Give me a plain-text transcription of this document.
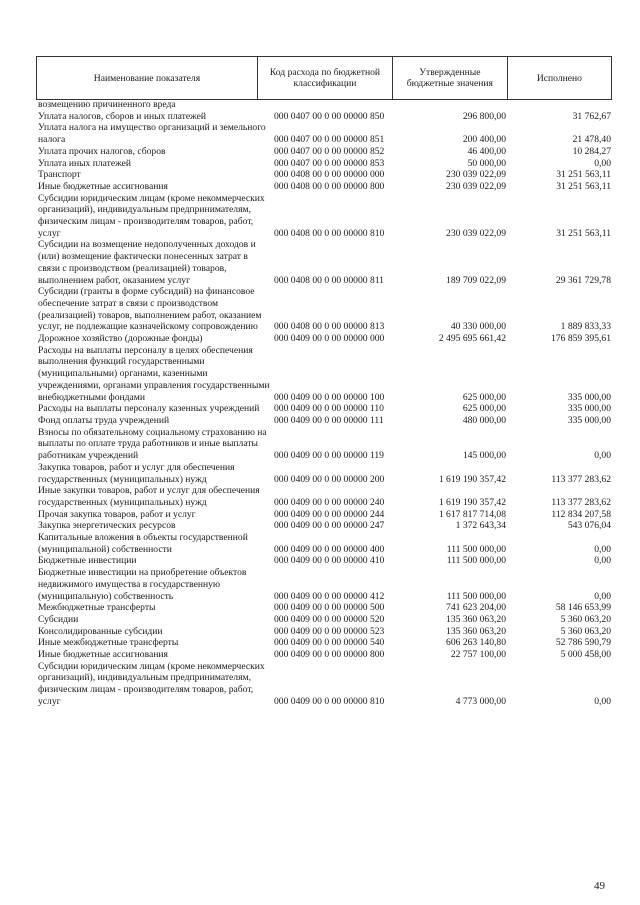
Наименование показателя	Код расхода по бюджетной классификации	Утвержденные бюджетные значения	Исполнено
возмещению причиненного вреда
Уплата налогов, сборов и иных платежей	000 0407 00 0 00 00000 850	296 800,00	31 762,67
Уплата налога на имущество организаций и земельного налога	000 0407 00 0 00 00000 851	200 400,00	21 478,40
Уплата прочих налогов, сборов	000 0407 00 0 00 00000 852	46 400,00	10 284,27
Уплата иных платежей	000 0407 00 0 00 00000 853	50 000,00	0,00
Транспорт	000 0408 00 0 00 00000 000	230 039 022,09	31 251 563,11
Иные бюджетные ассигнования	000 0408 00 0 00 00000 800	230 039 022,09	31 251 563,11
Субсидии юридическим лицам (кроме некоммерческих организаций), индивидуальным предпринимателям, физическим лицам - производителям товаров, работ, услуг	000 0408 00 0 00 00000 810	230 039 022,09	31 251 563,11
Субсидии на возмещение недополученных доходов и (или) возмещение фактически понесенных затрат в связи с производством (реализацией) товаров, выполнением работ, оказанием услуг	000 0408 00 0 00 00000 811	189 709 022,09	29 361 729,78
Субсидии (гранты в форме субсидий) на финансовое обеспечение затрат в связи с производством (реализацией) товаров, выполнением работ, оказанием услуг, не подлежащие казначейскому сопровождению	000 0408 00 0 00 00000 813	40 330 000,00	1 889 833,33
Дорожное хозяйство (дорожные фонды)	000 0409 00 0 00 00000 000	2 495 695 661,42	176 859 395,61
Расходы на выплаты персоналу в целях обеспечения выполнения функций государственными (муниципальными) органами, казенными учреждениями, органами управления государственными внебюджетными фондами	000 0409 00 0 00 00000 100	625 000,00	335 000,00
Расходы на выплаты персоналу казенных учреждений	000 0409 00 0 00 00000 110	625 000,00	335 000,00
Фонд оплаты труда учреждений	000 0409 00 0 00 00000 111	480 000,00	335 000,00
Взносы по обязательному социальному страхованию на выплаты по оплате труда работников и иные выплаты работникам учреждений	000 0409 00 0 00 00000 119	145 000,00	0,00
Закупка товаров, работ и услуг для обеспечения государственных (муниципальных) нужд	000 0409 00 0 00 00000 200	1 619 190 357,42	113 377 283,62
Иные закупки товаров, работ и услуг для обеспечения государственных (муниципальных) нужд	000 0409 00 0 00 00000 240	1 619 190 357,42	113 377 283,62
Прочая закупка товаров, работ и услуг	000 0409 00 0 00 00000 244	1 617 817 714,08	112 834 207,58
Закупка энергетических ресурсов	000 0409 00 0 00 00000 247	1 372 643,34	543 076,04
Капитальные вложения в объекты государственной (муниципальной) собственности	000 0409 00 0 00 00000 400	111 500 000,00	0,00
Бюджетные инвестиции	000 0409 00 0 00 00000 410	111 500 000,00	0,00
Бюджетные инвестиции на приобретение объектов недвижимого имущества в государственную (муниципальную) собственность	000 0409 00 0 00 00000 412	111 500 000,00	0,00
Межбюджетные трансферты	000 0409 00 0 00 00000 500	741 623 204,00	58 146 653,99
Субсидии	000 0409 00 0 00 00000 520	135 360 063,20	5 360 063,20
Консолидированные субсидии	000 0409 00 0 00 00000 523	135 360 063,20	5 360 063,20
Иные межбюджетные трансферты	000 0409 00 0 00 00000 540	606 263 140,80	52 786 590,79
Иные бюджетные ассигнования	000 0409 00 0 00 00000 800	22 757 100,00	5 000 458,00
Субсидии юридическим лицам (кроме некоммерческих организаций), индивидуальным предпринимателям, физическим лицам - производителям товаров, работ, услуг	000 0409 00 0 00 00000 810	4 773 000,00	0,00
49
